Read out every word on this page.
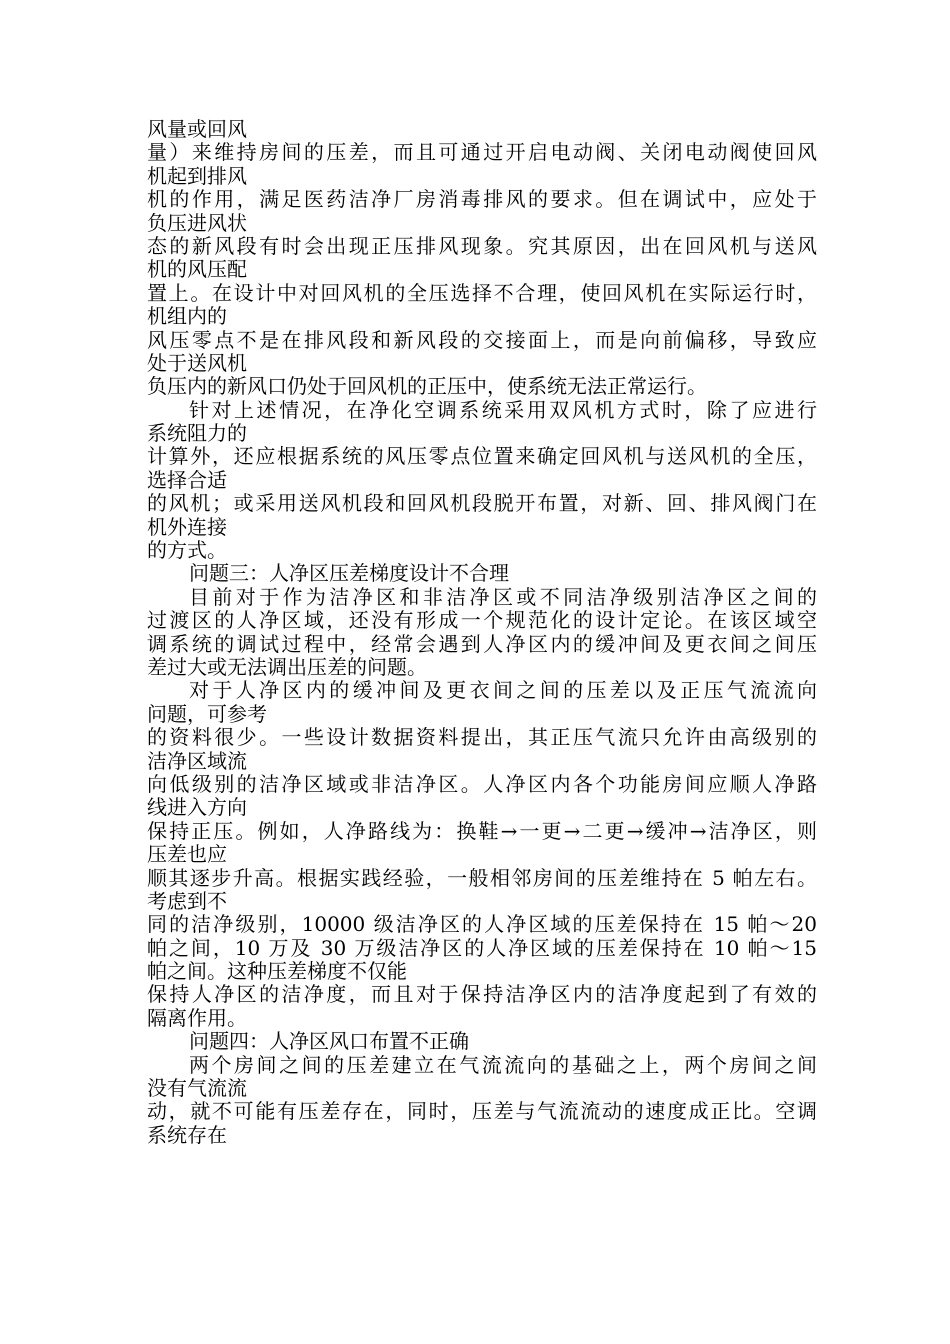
风量或回风
量）来维持房间的压差，而且可通过开启电动阀、关闭电动阀使回风
机起到排风
机的作用，满足医药洁净厂房消毒排风的要求。但在调试中，应处于
负压进风状
态的新风段有时会出现正压排风现象。究其原因，出在回风机与送风
机的风压配
置上。在设计中对回风机的全压选择不合理，使回风机在实际运行时，
机组内的
风压零点不是在排风段和新风段的交接面上，而是向前偏移，导致应
处于送风机
负压内的新风口仍处于回风机的正压中，使系统无法正常运行。
针对上述情况，在净化空调系统采用双风机方式时，除了应进行
系统阻力的
计算外，还应根据系统的风压零点位置来确定回风机与送风机的全压，
选择合适
的风机；或采用送风机段和回风机段脱开布置，对新、回、排风阀门在
机外连接
的方式。
问题三：人净区压差梯度设计不合理
目前对于作为洁净区和非洁净区或不同洁净级别洁净区之间的
过渡区的人净区域，还没有形成一个规范化的设计定论。在该区域空
调系统的调试过程中，经常会遇到人净区内的缓冲间及更衣间之间压
差过大或无法调出压差的问题。
对于人净区内的缓冲间及更衣间之间的压差以及正压气流流向
问题，可参考
的资料很少。一些设计数据资料提出，其正压气流只允许由高级别的
洁净区域流
向低级别的洁净区域或非洁净区。人净区内各个功能房间应顺人净路
线进入方向
保持正压。例如，人净路线为：换鞋→一更→二更→缓冲→洁净区，则
压差也应
顺其逐步升高。根据实践经验，一般相邻房间的压差维持在 5 帕左右。
考虑到不
同的洁净级别，10000 级洁净区的人净区域的压差保持在 15 帕～20
帕之间，10 万及 30 万级洁净区的人净区域的压差保持在 10 帕～15
帕之间。这种压差梯度不仅能
保持人净区的洁净度，而且对于保持洁净区内的洁净度起到了有效的
隔离作用。
问题四：人净区风口布置不正确
两个房间之间的压差建立在气流流向的基础之上，两个房间之间
没有气流流
动，就不可能有压差存在，同时，压差与气流流动的速度成正比。空调
系统存在
